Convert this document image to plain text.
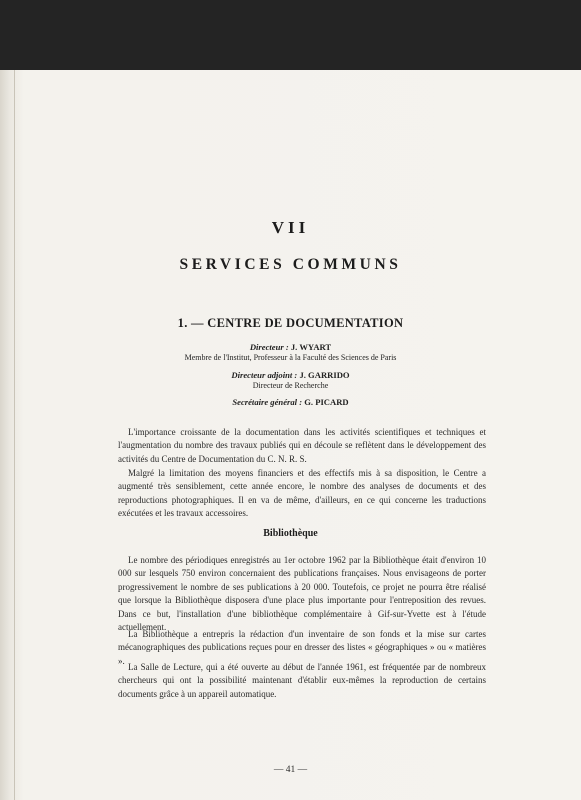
VII
SERVICES COMMUNS
1. — CENTRE DE DOCUMENTATION
Directeur : J. WYART
Membre de l'Institut, Professeur à la Faculté des Sciences de Paris
Directeur adjoint : J. GARRIDO
Directeur de Recherche
Secrétaire général : G. PICARD

L'importance croissante de la documentation dans les activités scientifiques et techniques et l'augmentation du nombre des travaux publiés qui en découle se reflètent dans le développement des activités du Centre de Documentation du C. N. R. S.

Malgré la limitation des moyens financiers et des effectifs mis à sa disposition, le Centre a augmenté très sensiblement, cette année encore, le nombre des analyses de documents et des reproductions photographiques. Il en va de même, d'ailleurs, en ce qui concerne les traductions exécutées et les travaux accessoires.

Bibliothèque

Le nombre des périodiques enregistrés au 1er octobre 1962 par la Bibliothèque était d'environ 10 000 sur lesquels 750 environ concernaient des publications françaises. Nous envisageons de porter progressivement le nombre de ses publications à 20 000. Toutefois, ce projet ne pourra être réalisé que lorsque la Bibliothèque disposera d'une place plus importante pour l'entreposition des revues. Dans ce but, l'installation d'une bibliothèque complémentaire à Gif-sur-Yvette est à l'étude actuellement.

La Bibliothèque a entrepris la rédaction d'un inventaire de son fonds et la mise sur cartes mécanographiques des publications reçues pour en dresser des listes « géographiques » ou « matières ».

La Salle de Lecture, qui a été ouverte au début de l'année 1961, est fréquentée par de nombreux chercheurs qui ont la possibilité maintenant d'établir eux-mêmes la reproduction de certains documents grâce à un appareil automatique.

— 41 —
